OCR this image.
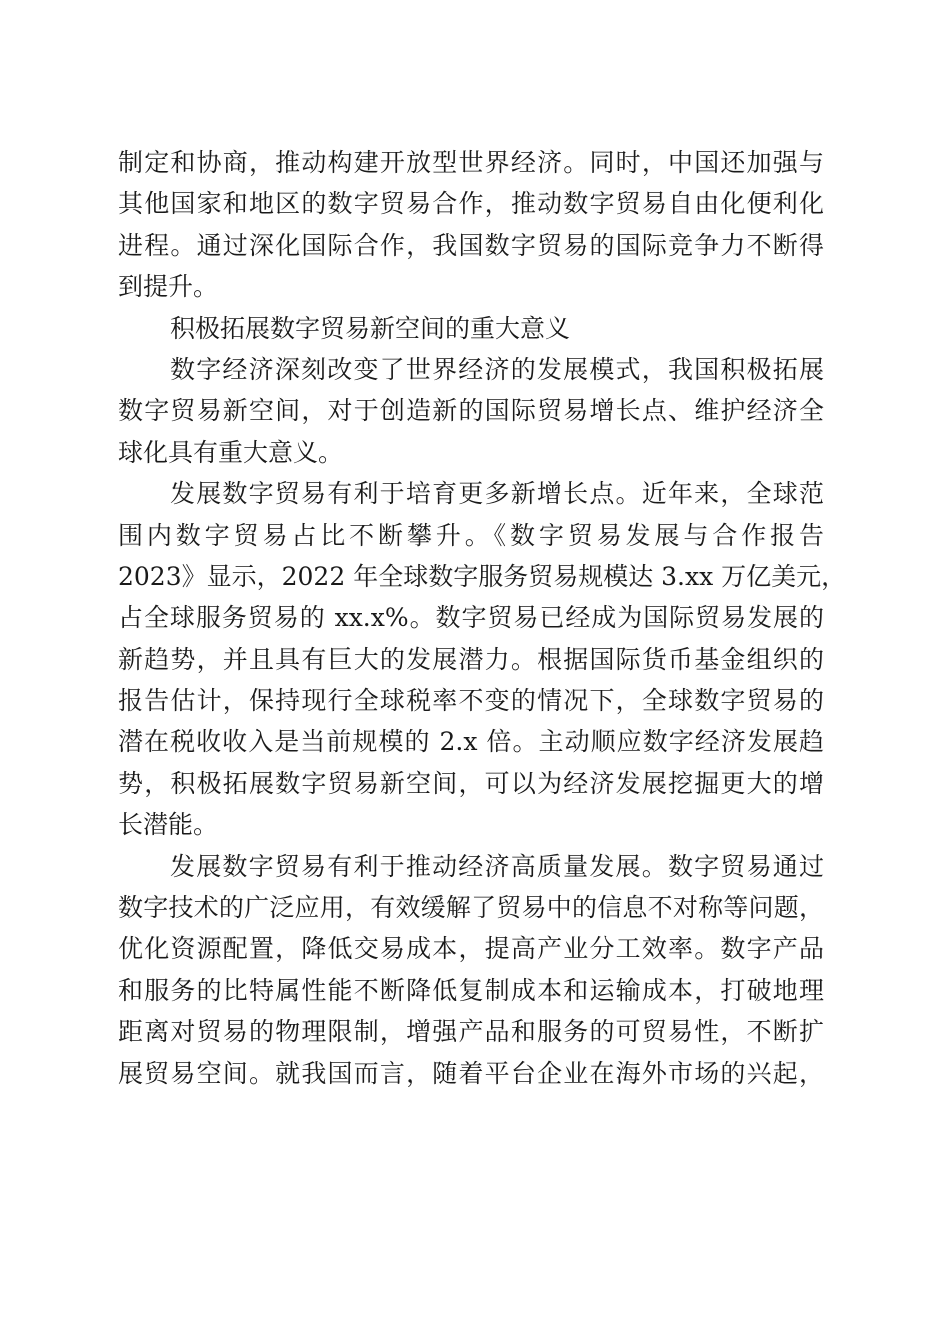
制定和协商，推动构建开放型世界经济。同时，中国还加强与
其他国家和地区的数字贸易合作，推动数字贸易自由化便利化
进程。通过深化国际合作，我国数字贸易的国际竞争力不断得
到提升。
积极拓展数字贸易新空间的重大意义
数字经济深刻改变了世界经济的发展模式，我国积极拓展
数字贸易新空间，对于创造新的国际贸易增长点、维护经济全
球化具有重大意义。
发展数字贸易有利于培育更多新增长点。近年来，全球范
围内数字贸易占比不断攀升。《数字贸易发展与合作报告
2023》显示，2022 年全球数字服务贸易规模达 3.xx 万亿美元，
占全球服务贸易的 xx.x%。数字贸易已经成为国际贸易发展的
新趋势，并且具有巨大的发展潜力。根据国际货币基金组织的
报告估计，保持现行全球税率不变的情况下，全球数字贸易的
潜在税收收入是当前规模的 2.x 倍。主动顺应数字经济发展趋
势，积极拓展数字贸易新空间，可以为经济发展挖掘更大的增
长潜能。
发展数字贸易有利于推动经济高质量发展。数字贸易通过
数字技术的广泛应用，有效缓解了贸易中的信息不对称等问题，
优化资源配置，降低交易成本，提高产业分工效率。数字产品
和服务的比特属性能不断降低复制成本和运输成本，打破地理
距离对贸易的物理限制，增强产品和服务的可贸易性，不断扩
展贸易空间。就我国而言，随着平台企业在海外市场的兴起，
